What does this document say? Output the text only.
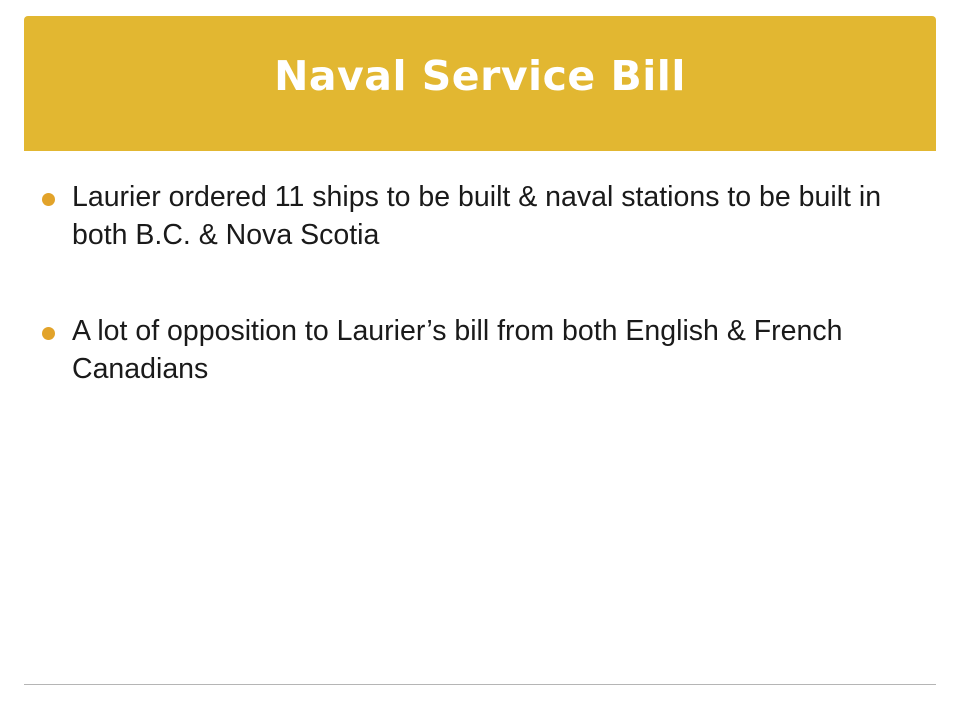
Naval Service Bill
Laurier ordered 11 ships to be built & naval stations to be built in both B.C. & Nova Scotia
A lot of opposition to Laurier’s bill from both English & French Canadians
